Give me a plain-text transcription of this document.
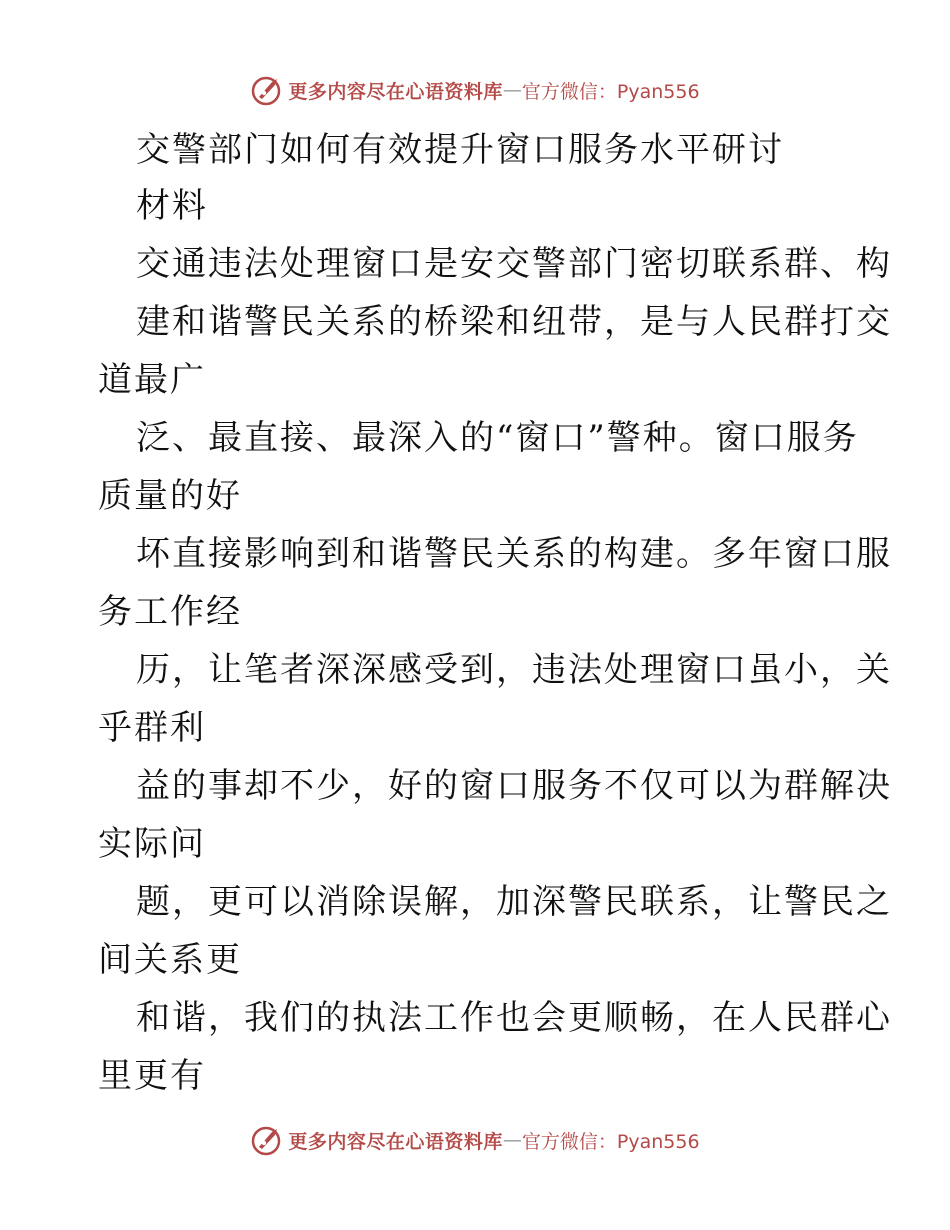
更多内容尽在心语资料库 — 官方微信：Pyan556
交警部门如何有效提升窗口服务水平研讨
材料
交通违法处理窗口是安交警部门密切联系群、构
建和谐警民关系的桥梁和纽带，是与人民群打交
道最广
泛、最直接、最深入的“窗口”警种。窗口服务
质量的好
坏直接影响到和谐警民关系的构建。多年窗口服
务工作经
历，让笔者深深感受到，违法处理窗口虽小，关
乎群利
益的事却不少，好的窗口服务不仅可以为群解决
实际问
题，更可以消除误解，加深警民联系，让警民之
间关系更
和谐，我们的执法工作也会更顺畅，在人民群心
里更有
更多内容尽在心语资料库 — 官方微信：Pyan556
